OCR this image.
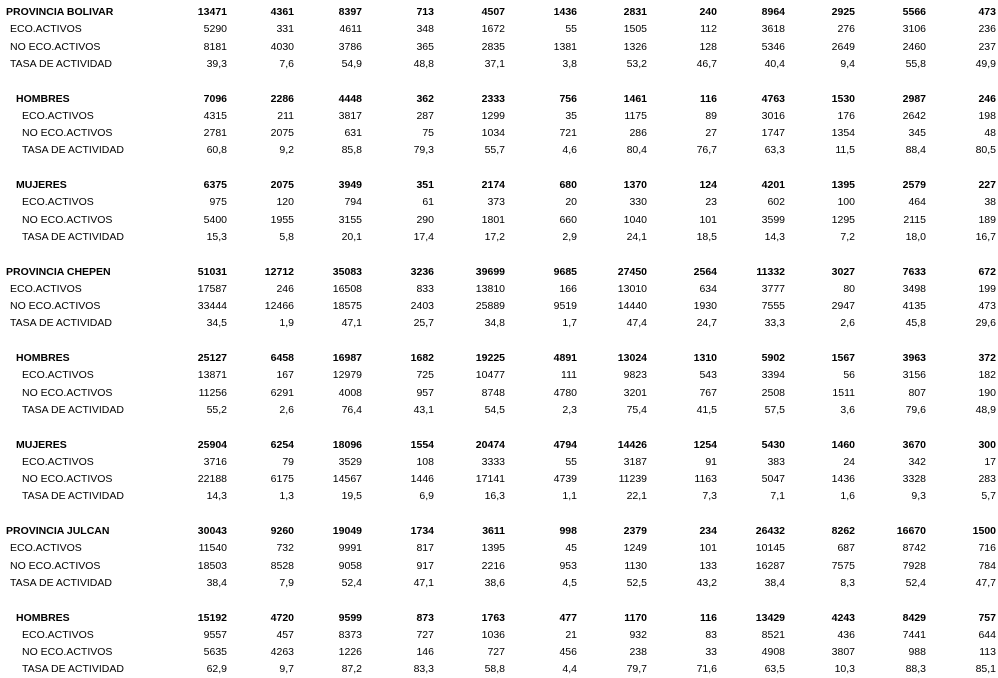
PROVINCIA BOLIVAR	13471	4361	8397	713	4507	1436	2831	240	8964	2925	5566	473
ECO.ACTIVOS	5290	331	4611	348	1672	55	1505	112	3618	276	3106	236
NO ECO.ACTIVOS	8181	4030	3786	365	2835	1381	1326	128	5346	2649	2460	237
TASA DE ACTIVIDAD	39,3	7,6	54,9	48,8	37,1	3,8	53,2	46,7	40,4	9,4	55,8	49,9
HOMBRES	7096	2286	4448	362	2333	756	1461	116	4763	1530	2987	246
ECO.ACTIVOS	4315	211	3817	287	1299	35	1175	89	3016	176	2642	198
NO ECO.ACTIVOS	2781	2075	631	75	1034	721	286	27	1747	1354	345	48
TASA DE ACTIVIDAD	60,8	9,2	85,8	79,3	55,7	4,6	80,4	76,7	63,3	11,5	88,4	80,5
MUJERES	6375	2075	3949	351	2174	680	1370	124	4201	1395	2579	227
ECO.ACTIVOS	975	120	794	61	373	20	330	23	602	100	464	38
NO ECO.ACTIVOS	5400	1955	3155	290	1801	660	1040	101	3599	1295	2115	189
TASA DE ACTIVIDAD	15,3	5,8	20,1	17,4	17,2	2,9	24,1	18,5	14,3	7,2	18,0	16,7
PROVINCIA CHEPEN	51031	12712	35083	3236	39699	9685	27450	2564	11332	3027	7633	672
ECO.ACTIVOS	17587	246	16508	833	13810	166	13010	634	3777	80	3498	199
NO ECO.ACTIVOS	33444	12466	18575	2403	25889	9519	14440	1930	7555	2947	4135	473
TASA DE ACTIVIDAD	34,5	1,9	47,1	25,7	34,8	1,7	47,4	24,7	33,3	2,6	45,8	29,6
HOMBRES	25127	6458	16987	1682	19225	4891	13024	1310	5902	1567	3963	372
ECO.ACTIVOS	13871	167	12979	725	10477	111	9823	543	3394	56	3156	182
NO ECO.ACTIVOS	11256	6291	4008	957	8748	4780	3201	767	2508	1511	807	190
TASA DE ACTIVIDAD	55,2	2,6	76,4	43,1	54,5	2,3	75,4	41,5	57,5	3,6	79,6	48,9
MUJERES	25904	6254	18096	1554	20474	4794	14426	1254	5430	1460	3670	300
ECO.ACTIVOS	3716	79	3529	108	3333	55	3187	91	383	24	342	17
NO ECO.ACTIVOS	22188	6175	14567	1446	17141	4739	11239	1163	5047	1436	3328	283
TASA DE ACTIVIDAD	14,3	1,3	19,5	6,9	16,3	1,1	22,1	7,3	7,1	1,6	9,3	5,7
PROVINCIA JULCAN	30043	9260	19049	1734	3611	998	2379	234	26432	8262	16670	1500
ECO.ACTIVOS	11540	732	9991	817	1395	45	1249	101	10145	687	8742	716
NO ECO.ACTIVOS	18503	8528	9058	917	2216	953	1130	133	16287	7575	7928	784
TASA DE ACTIVIDAD	38,4	7,9	52,4	47,1	38,6	4,5	52,5	43,2	38,4	8,3	52,4	47,7
HOMBRES	15192	4720	9599	873	1763	477	1170	116	13429	4243	8429	757
ECO.ACTIVOS	9557	457	8373	727	1036	21	932	83	8521	436	7441	644
NO ECO.ACTIVOS	5635	4263	1226	146	727	456	238	33	4908	3807	988	113
TASA DE ACTIVIDAD	62,9	9,7	87,2	83,3	58,8	4,4	79,7	71,6	63,5	10,3	88,3	85,1
